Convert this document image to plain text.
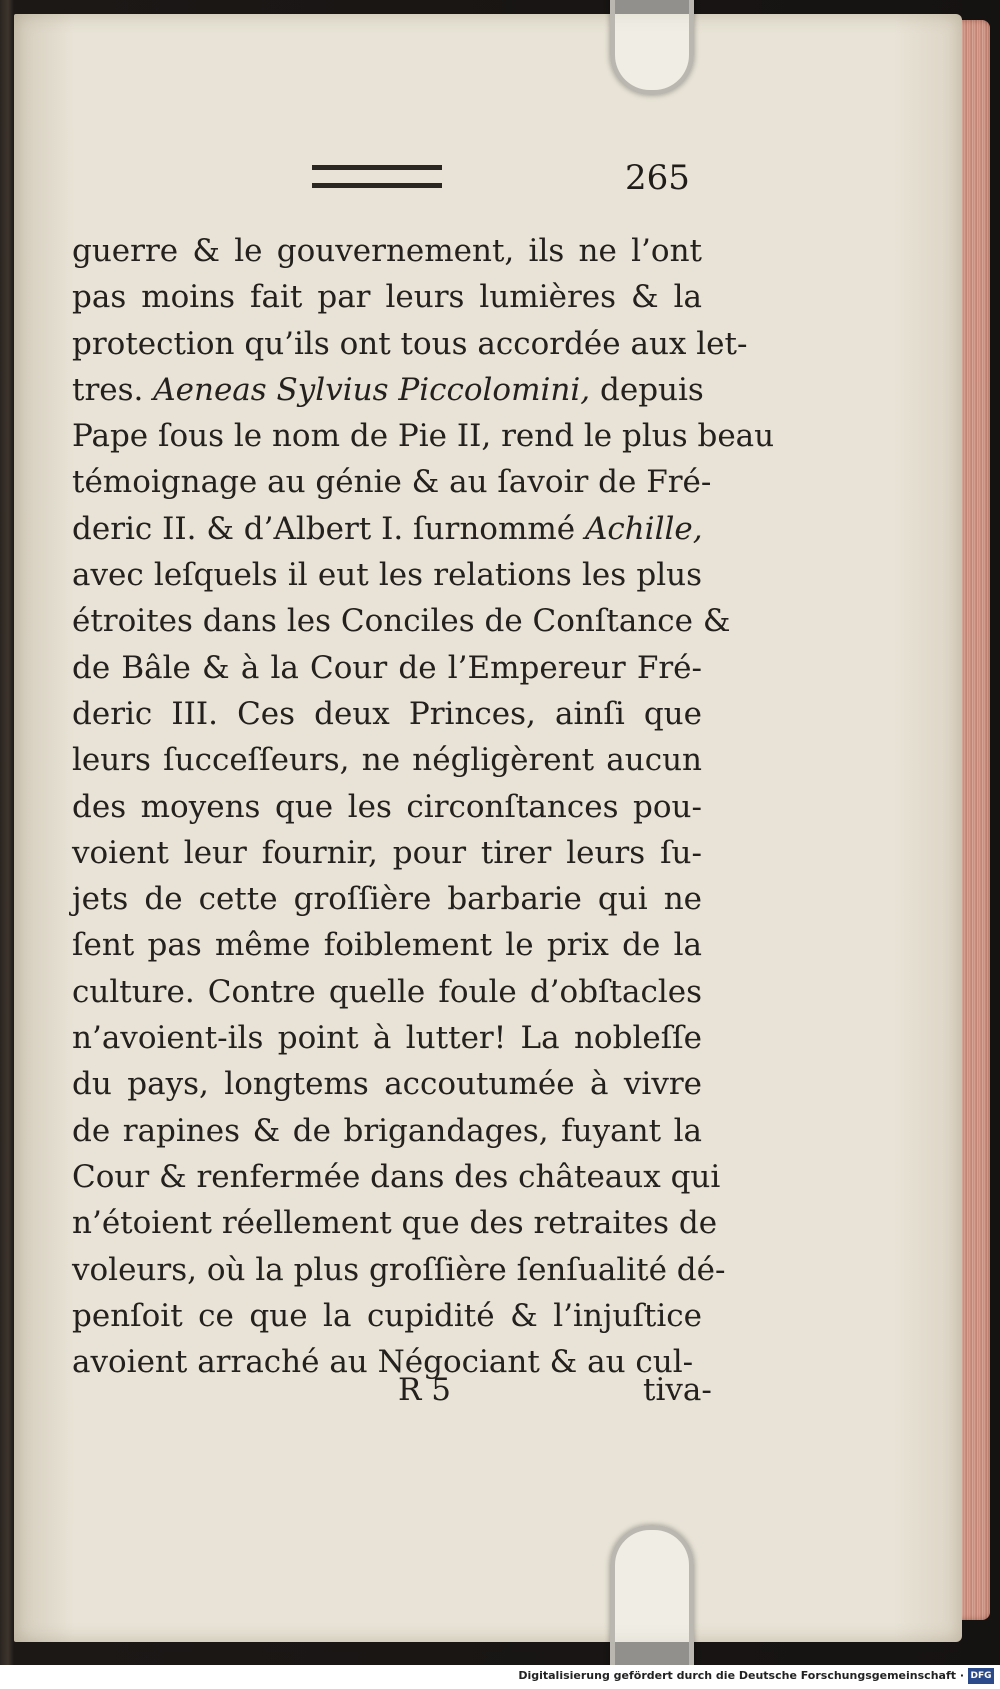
265
guerre & le gouvernement, ils ne l’ont
pas moins fait par leurs lumières & la
protection qu’ils ont tous accordée aux let-
tres. Aeneas Sylvius Piccolomini, depuis
Pape ſous le nom de Pie II, rend le plus beau
témoignage au génie & au ſavoir de Fré-
deric II. & d’Albert I. ſurnommé Achille,
avec leſquels il eut les relations les plus
étroites dans les Conciles de Conſtance &
de Bâle & à la Cour de l’Empereur Fré-
deric III. Ces deux Princes, ainſi que
leurs ſucceſſeurs, ne négligèrent aucun
des moyens que les circonſtances pou-
voient leur fournir, pour tirer leurs ſu-
jets de cette groſſière barbarie qui ne
ſent pas même foiblement le prix de la
culture. Contre quelle foule d’obſtacles
n’avoient-ils point à lutter! La nobleſſe
du pays, longtems accoutumée à vivre
de rapines & de brigandages, fuyant la
Cour & renfermée dans des châteaux qui
n’étoient réellement que des retraites de
voleurs, où la plus groſſière ſenſualité dé-
penſoit ce que la cupidité & l’injuſtice
avoient arraché au Négociant & au cul-
R 5	tiva-
Digitalisierung gefördert durch die Deutsche Forschungsgemeinschaft · DFG
